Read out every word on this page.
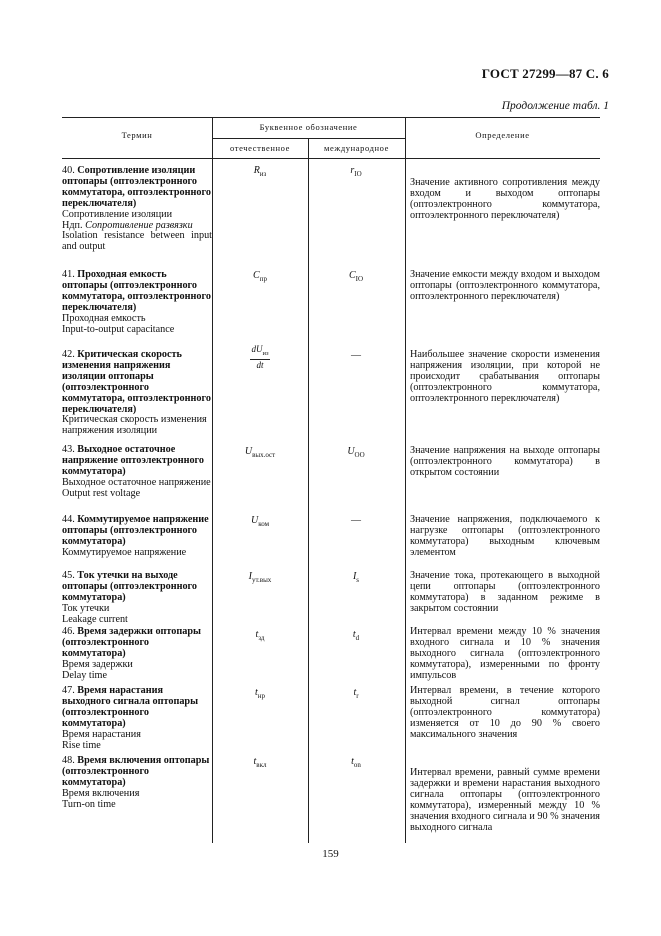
ГОСТ 27299—87 С. 6
Продолжение табл. 1
Термин
Буквенное обозначение
отечественное	международное
Определение
40. Сопротивление изоляции оптопары (оптоэлектронного коммутатора, оптоэлектронного переключателя)
Сопротивление изоляции
Ндп. Сопротивление развязки
Isolation resistance between input and output
$R_{из}$	$r_{IO}$
Значение активного сопротивления между входом и выходом оптопары (оптоэлектронного коммутатора, оптоэлектронного переключателя)
41. Проходная емкость оптопары (оптоэлектронного коммутатора, оптоэлектронного переключателя)
Проходная емкость
Input-to-output capacitance
$C_{пр}$	$C_{IO}$	Значение емкости между входом и выходом оптопары (оптоэлектронного коммутатора, оптоэлектронного переключателя)
42. Критическая скорость изменения напряжения изоляции оптопары (оптоэлектронного коммутатора, оптоэлектронного переключателя)
Критическая скорость изменения напряжения изоляции
$dU_{из}$
dt
—	Наибольшее значение скорости изменения напряжения изоляции, при которой не происходит срабатывания оптопары (оптоэлектронного коммутатора, оптоэлектронного переключателя)
43. Выходное остаточное напряжение оптоэлектронного коммутатора)
Выходное остаточное напряжение
Output rest voltage
$U_{вых.ост}$	$U_{OO}$	Значение напряжения на выходе оптопары (оптоэлектронного коммутатора) в открытом состоянии
44. Коммутируемое напряжение оптопары (оптоэлектронного коммутатора)
Коммутируемое напряжение
$U_{ком}$	—	Значение напряжения, подключаемого к нагрузке оптопары (оптоэлектронного коммутатора) выходным ключевым элементом
45. Ток утечки на выходе оптопары (оптоэлектронного коммутатора)
Ток утечки
Leakage current
$I_{ут.вых}$	$I_s$	Значение тока, протекающего в выходной цепи оптопары (оптоэлектронного коммутатора) в заданном режиме в закрытом состоянии
46. Время задержки оптопары (оптоэлектронного коммутатора)
Время задержки
Delay time
$t_{зд}$	$t_d$
Интервал времени между 10 % значения входного сигнала и 10 % значения выходного сигнала (оптоэлектронного коммутатора), измеренными по фронту импульсов
47. Время нарастания выходного сигнала оптопары (оптоэлектронного коммутатора)
Время нарастания
Rise time
$t_{нр}$	$t_r$	Интервал времени, в течение которого выходной сигнал оптопары (оптоэлектронного коммутатора) изменяется от 10 до 90 % своего максимального значения
48. Время включения оптопары (оптоэлектронного коммутатора)
Время включения
Turn-on time
$t_{вкл}$	$t_{on}$
Интервал времени, равный сумме времени задержки и времени нарастания выходного сигнала оптопары (оптоэлектронного коммутатора), измеренный между 10 % значения входного сигнала и 90 % значения выходного сигнала
159
